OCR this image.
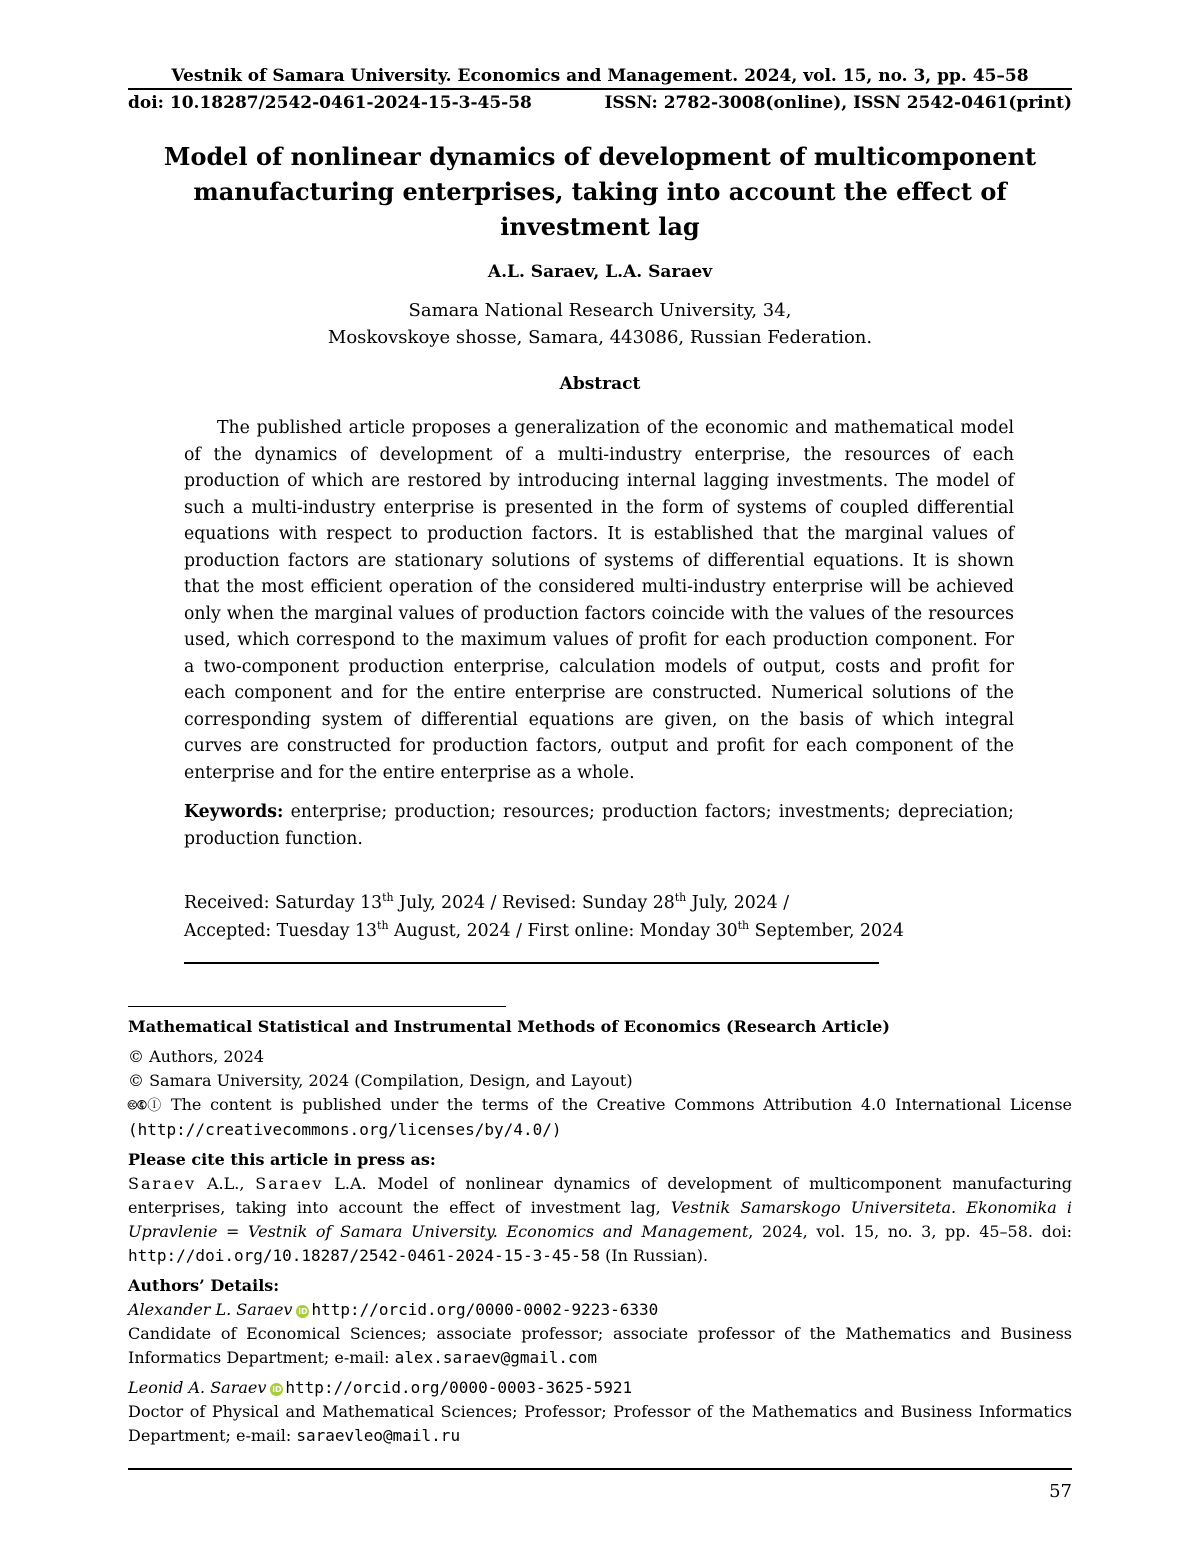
Vestnik of Samara University. Economics and Management. 2024, vol. 15, no. 3, pp. 45–58
doi: 10.18287/2542-0461-2024-15-3-45-58	ISSN: 2782-3008(online), ISSN 2542-0461(print)
Model of nonlinear dynamics of development of multicomponent
manufacturing enterprises, taking into account the effect of
investment lag
A.L. Saraev, L.A. Saraev
Samara National Research University, 34,
Moskovskoye shosse, Samara, 443086, Russian Federation.
Abstract

The published article proposes a generalization of the economic and mathematical model of the dynamics of development of a multi-industry enterprise, the resources of each production of which are restored by introducing internal lagging investments. The model of such a multi-industry enterprise is presented in the form of systems of coupled differential equations with respect to production factors. It is established that the marginal values of production factors are stationary solutions of systems of differential equations. It is shown that the most efficient operation of the considered multi-industry enterprise will be achieved only when the marginal values of production factors coincide with the values of the resources used, which correspond to the maximum values of profit for each production component. For a two-component production enterprise, calculation models of output, costs and profit for each component and for the entire enterprise are constructed. Numerical solutions of the corresponding system of differential equations are given, on the basis of which integral curves are constructed for production factors, output and profit for each component of the enterprise and for the entire enterprise as a whole.

Keywords: enterprise; production; resources; production factors; investments; depreciation; production function.

Received: Saturday 13th July, 2024 / Revised: Sunday 28th July, 2024 /
Accepted: Tuesday 13th August, 2024 / First online: Monday 30th September, 2024

Mathematical Statistical and Instrumental Methods of Economics (Research Article)

© Authors, 2024

© Samara University, 2024 (Compilation, Design, and Layout)

🅭🅮Ⓘ The content is published under the terms of the Creative Commons Attribution 4.0 International License (http://creativecommons.org/licenses/by/4.0/)

Please cite this article in press as:

Saraev A.L., Saraev L.A. Model of nonlinear dynamics of development of multicomponent manufacturing enterprises, taking into account the effect of investment lag, Vestnik Samarskogo Universiteta. Ekonomika i Upravlenie = Vestnik of Samara University. Economics and Management, 2024, vol. 15, no. 3, pp. 45–58. doi: http://doi.org/10.18287/2542-0461-2024-15-3-45-58 (In Russian).

Authors’ Details:

Alexander L. Saraev iD http://orcid.org/0000-0002-9223-6330

Candidate of Economical Sciences; associate professor; associate professor of the Mathematics and Business Informatics Department; e-mail: alex.saraev@gmail.com

Leonid A. Saraev iD http://orcid.org/0000-0003-3625-5921

Doctor of Physical and Mathematical Sciences; Professor; Professor of the Mathematics and Business Informatics Department; e-mail: saraevleo@mail.ru

57
